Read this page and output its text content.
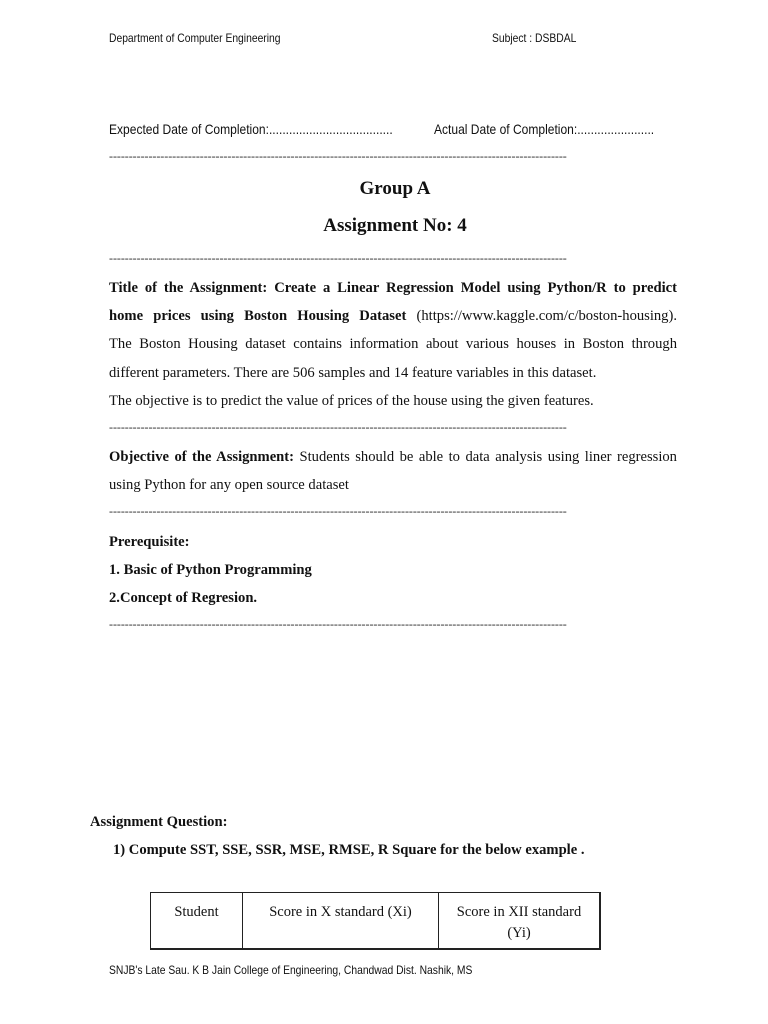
Department of Computer Engineering	Subject : DSBDAL
Expected Date of Completion:.....................................	Actual Date of Completion:.......................
--------------------------------------------------------------------------------------------------------------------
Group A
Assignment No: 4
--------------------------------------------------------------------------------------------------------------------
Title of the Assignment: Create a Linear Regression Model using Python/R to predict
home prices using Boston Housing Dataset (https://www.kaggle.com/c/boston-housing).
The Boston Housing dataset contains information about various houses in Boston through
different parameters. There are 506 samples and 14 feature variables in this dataset.
The objective is to predict the value of prices of the house using the given features.
--------------------------------------------------------------------------------------------------------------------
Objective of the Assignment: Students should be able to data analysis using liner regression
using Python for any open source dataset
--------------------------------------------------------------------------------------------------------------------
Prerequisite:
1. Basic of Python Programming
2.Concept of Regresion.
--------------------------------------------------------------------------------------------------------------------
Assignment Question:
1) Compute SST, SSE, SSR, MSE, RMSE, R Square for the below example .
Student	Score in X standard (Xi)	Score in XII standard (Yi)
SNJB's Late Sau. K B Jain College of Engineering, Chandwad Dist. Nashik, MS
